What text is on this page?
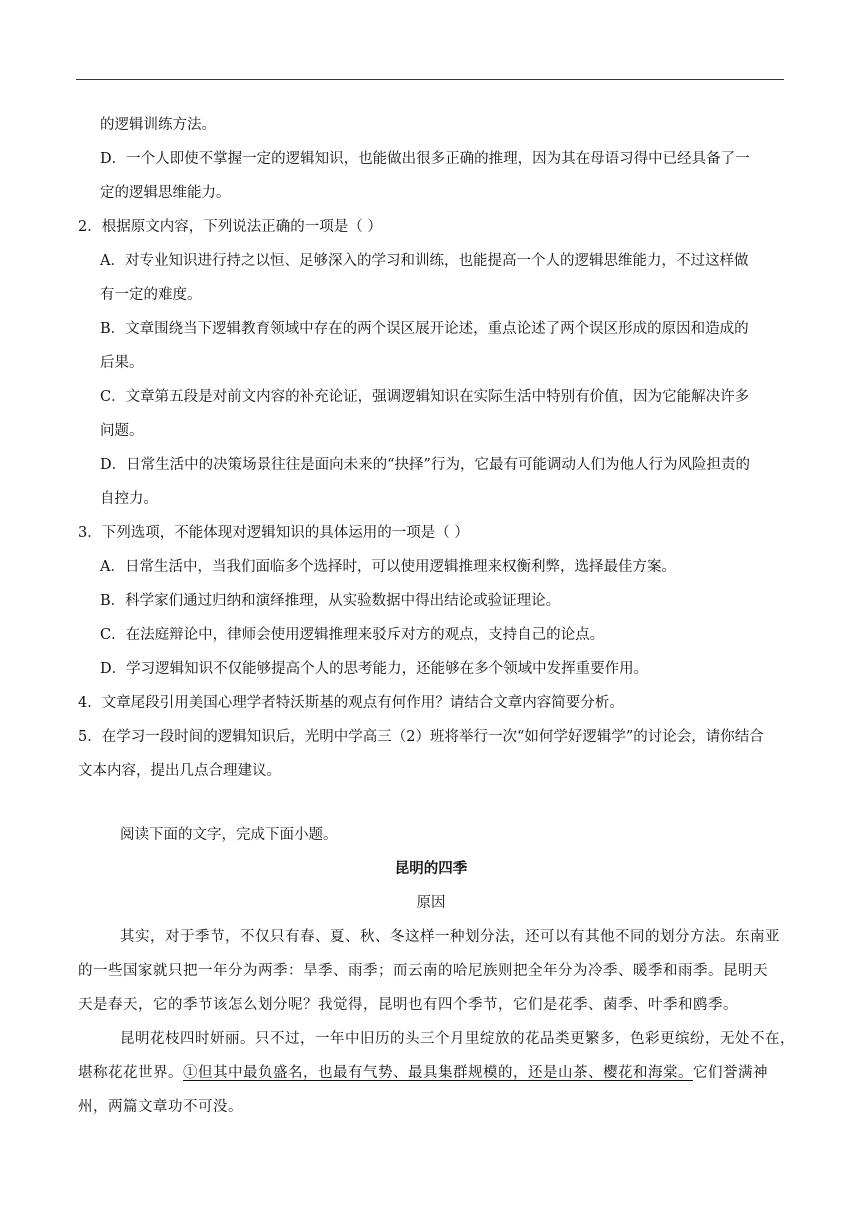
的逻辑训练方法。
D．一个人即使不掌握一定的逻辑知识，也能做出很多正确的推理，因为其在母语习得中已经具备了一
定的逻辑思维能力。
2．根据原文内容，下列说法正确的一项是（ ）
A．对专业知识进行持之以恒、足够深入的学习和训练，也能提高一个人的逻辑思维能力，不过这样做
有一定的难度。
B．文章围绕当下逻辑教育领域中存在的两个误区展开论述，重点论述了两个误区形成的原因和造成的
后果。
C．文章第五段是对前文内容的补充论证，强调逻辑知识在实际生活中特别有价值，因为它能解决许多
问题。
D．日常生活中的决策场景往往是面向未来的“抉择”行为，它最有可能调动人们为他人行为风险担责的
自控力。
3．下列选项，不能体现对逻辑知识的具体运用的一项是（ ）
A．日常生活中，当我们面临多个选择时，可以使用逻辑推理来权衡利弊，选择最佳方案。
B．科学家们通过归纳和演绎推理，从实验数据中得出结论或验证理论。
C．在法庭辩论中，律师会使用逻辑推理来驳斥对方的观点，支持自己的论点。
D．学习逻辑知识不仅能够提高个人的思考能力，还能够在多个领域中发挥重要作用。
4．文章尾段引用美国心理学者特沃斯基的观点有何作用？请结合文章内容简要分析。
5．在学习一段时间的逻辑知识后，光明中学高三（2）班将举行一次“如何学好逻辑学”的讨论会，请你结合
文本内容，提出几点合理建议。
阅读下面的文字，完成下面小题。
昆明的四季
原因
其实，对于季节，不仅只有春、夏、秋、冬这样一种划分法，还可以有其他不同的划分方法。东南亚
的一些国家就只把一年分为两季：旱季、雨季；而云南的哈尼族则把全年分为冷季、暖季和雨季。昆明天
天是春天，它的季节该怎么划分呢？我觉得，昆明也有四个季节，它们是花季、菌季、叶季和鸥季。
昆明花枝四时妍丽。只不过，一年中旧历的头三个月里绽放的花品类更繁多，色彩更缤纷，无处不在，
堪称花花世界。①但其中最负盛名，也最有气势、最具集群规模的，还是山茶、樱花和海棠。它们誉满神
州，两篇文章功不可没。
